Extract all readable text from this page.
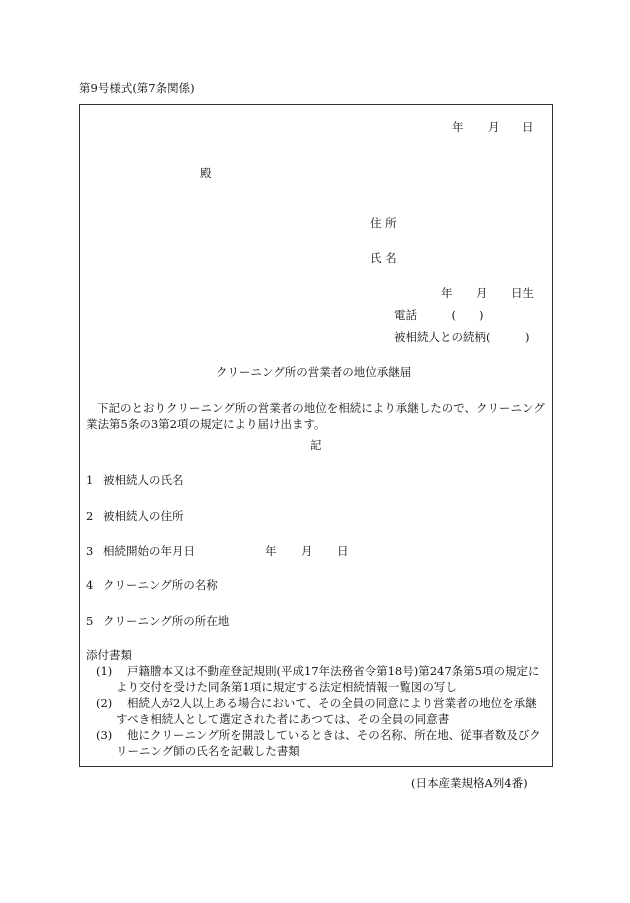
第9号様式(第7条関係)
年 月 日
殿
住 所
氏 名
年 月 日生
電話　　　(　　)
被相続人との続柄(　　　)
クリーニング所の営業者の地位承継届
下記のとおりクリーニング所の営業者の地位を相続により承継したので、クリーニング業法第5条の3第2項の規定により届け出ます。
記
1 被相続人の氏名
2 被相続人の住所
3 相続開始の年月日	年 月 日
4 クリーニング所の名称
5 クリーニング所の所在地
添付書類
(1)	戸籍謄本又は不動産登記規則(平成17年法務省令第18号)第247条第5項の規定により交付を受けた同条第1項に規定する法定相続情報一覧図の写し
(2)	相続人が2人以上ある場合において、その全員の同意により営業者の地位を承継すべき相続人として選定された者にあつては、その全員の同意書
(3)	他にクリーニング所を開設しているときは、その名称、所在地、従事者数及びクリーニング師の氏名を記載した書類
(日本産業規格A列4番)
